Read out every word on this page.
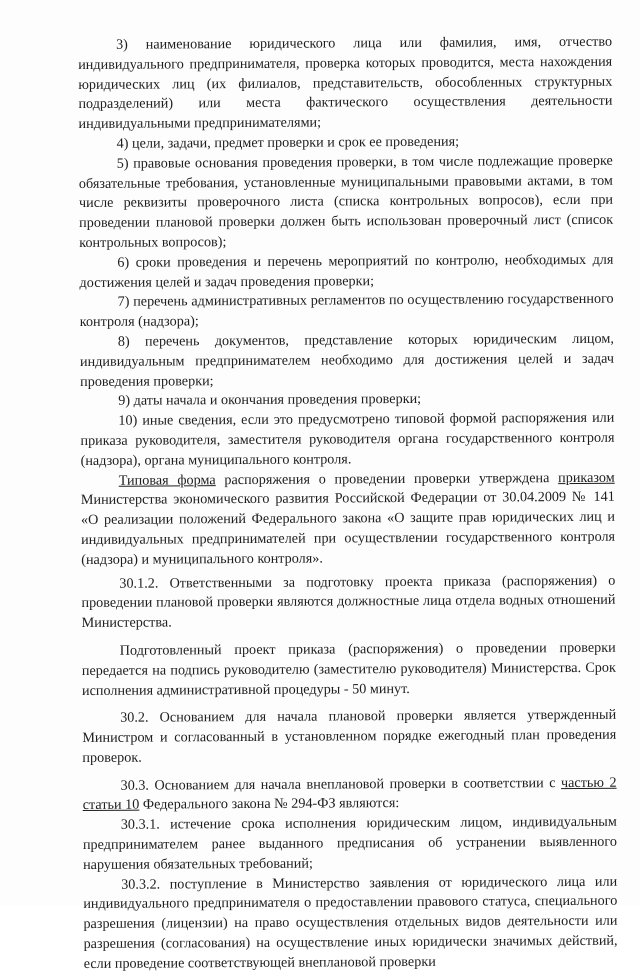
3) наименование юридического лица или фамилия, имя, отчество индивидуального предпринимателя, проверка которых проводится, места нахождения юридических лиц (их филиалов, представительств, обособленных структурных подразделений) или места фактического осуществления деятельности индивидуальными предпринимателями;

4) цели, задачи, предмет проверки и срок ее проведения;

5) правовые основания проведения проверки, в том числе подлежащие проверке обязательные требования, установленные муниципальными правовыми актами, в том числе реквизиты проверочного листа (списка контрольных вопросов), если при проведении плановой проверки должен быть использован проверочный лист (список контрольных вопросов);

6) сроки проведения и перечень мероприятий по контролю, необходимых для достижения целей и задач проведения проверки;

7) перечень административных регламентов по осуществлению государственного контроля (надзора);

8) перечень документов, представление которых юридическим лицом, индивидуальным предпринимателем необходимо для достижения целей и задач проведения проверки;

9) даты начала и окончания проведения проверки;

10) иные сведения, если это предусмотрено типовой формой распоряжения или приказа руководителя, заместителя руководителя органа государственного контроля (надзора), органа муниципального контроля.

Типовая форма распоряжения о проведении проверки утверждена приказом Министерства экономического развития Российской Федерации от 30.04.2009 № 141 «О реализации положений Федерального закона «О защите прав юридических лиц и индивидуальных предпринимателей при осуществлении государственного контроля (надзора) и муниципального контроля».

30.1.2. Ответственными за подготовку проекта приказа (распоряжения) о проведении плановой проверки являются должностные лица отдела водных отношений Министерства.

Подготовленный проект приказа (распоряжения) о проведении проверки передается на подпись руководителю (заместителю руководителя) Министерства. Срок исполнения административной процедуры - 50 минут.

30.2. Основанием для начала плановой проверки является утвержденный Министром и согласованный в установленном порядке ежегодный план проведения проверок.

30.3. Основанием для начала внеплановой проверки в соответствии с частью 2 статьи 10 Федерального закона № 294-ФЗ являются:

30.3.1. истечение срока исполнения юридическим лицом, индивидуальным предпринимателем ранее выданного предписания об устранении выявленного нарушения обязательных требований;

30.3.2. поступление в Министерство заявления от юридического лица или индивидуального предпринимателя о предоставлении правового статуса, специального разрешения (лицензии) на право осуществления отдельных видов деятельности или разрешения (согласования) на осуществление иных юридически значимых действий, если проведение соответствующей внеплановой проверки
